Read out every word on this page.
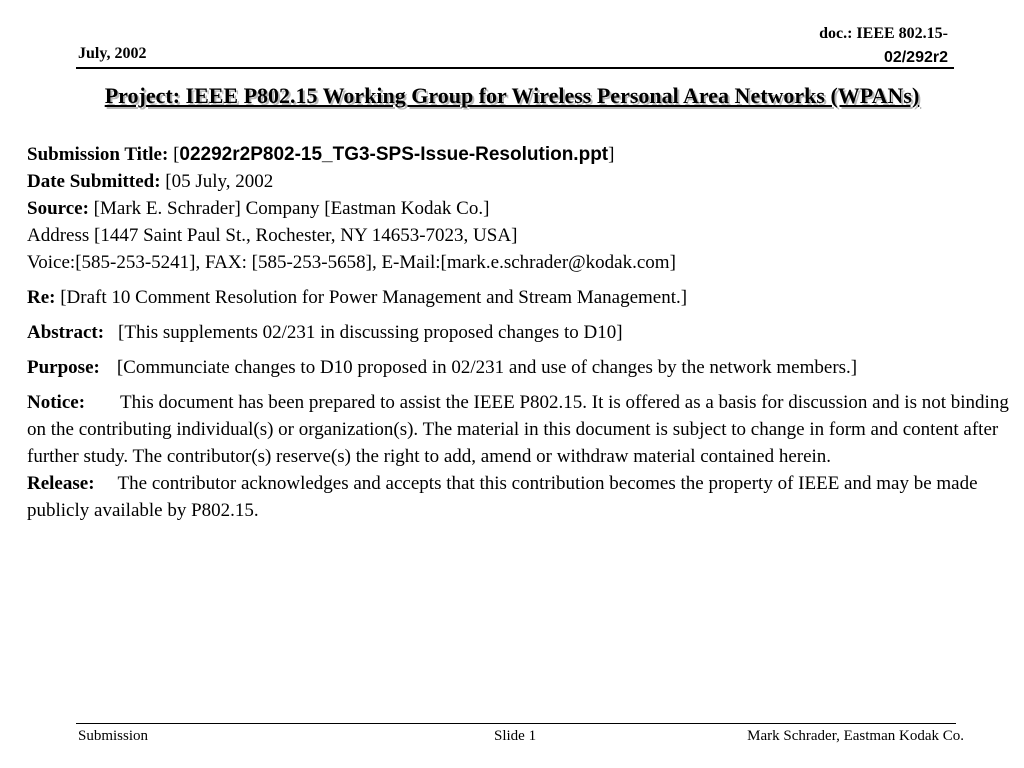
July, 2002
doc.: IEEE 802.15-
02/292r2
Project: IEEE P802.15 Working Group for Wireless Personal Area Networks (WPANs)

Submission Title: [02292r2P802-15_TG3-SPS-Issue-Resolution.ppt]

Date Submitted: [05 July, 2002

Source: [Mark E. Schrader] Company [Eastman Kodak Co.]

Address [1447 Saint Paul St., Rochester, NY 14653-7023, USA]

Voice:[585-253-5241], FAX: [585-253-5658], E-Mail:[mark.e.schrader@kodak.com]

Re: [Draft 10 Comment Resolution for Power Management and Stream Management.]

Abstract: [This supplements 02/231 in discussing proposed changes to D10]

Purpose: [Communciate changes to D10 proposed in 02/231 and use of changes by the network members.]

Notice: This document has been prepared to assist the IEEE P802.15. It is offered as a basis for discussion and is not binding on the contributing individual(s) or organization(s). The material in this document is subject to change in form and content after further study. The contributor(s) reserve(s) the right to add, amend or withdraw material contained herein.

Release: The contributor acknowledges and accepts that this contribution becomes the property of IEEE and may be made publicly available by P802.15.

Submission	Slide 1	Mark Schrader, Eastman Kodak Co.
